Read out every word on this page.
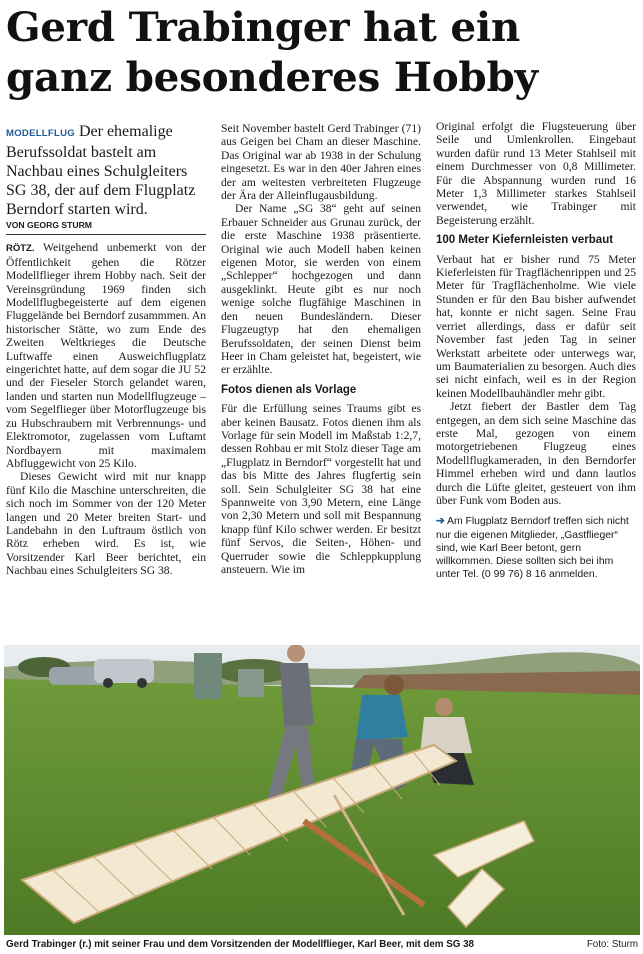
Gerd Trabinger hat ein ganz besonderes Hobby

MODELLFLUG Der ehemalige Berufssoldat bastelt am Nachbau eines Schulgleiters SG 38, der auf dem Flugplatz Berndorf starten wird.

VON GEORG STURM

RÖTZ. Weitgehend unbemerkt von der Öffentlichkeit gehen die Rötzer Modellflieger ihrem Hobby nach. Seit der Vereinsgründung 1969 finden sich Modellflugbegeisterte auf dem eigenen Fluggelände bei Berndorf zusammmen. An historischer Stätte, wo zum Ende des Zweiten Weltkrieges die Deutsche Luftwaffe einen Ausweichflugplatz eingerichtet hatte, auf dem sogar die JU 52 und der Fieseler Storch gelandet waren, landen und starten nun Modellflugzeuge – vom Segelflieger über Motorflugzeuge bis zu Hubschraubern mit Verbrennungs- und Elektromotor, zugelassen vom Luftamt Nordbayern mit maximalem Abfluggewicht von 25 Kilo.

Dieses Gewicht wird mit nur knapp fünf Kilo die Maschine unterschreiten, die sich noch im Sommer von der 120 Meter langen und 20 Meter breiten Start- und Landebahn in den Luftraum östlich von Rötz erheben wird. Es ist, wie Vorsitzender Karl Beer berichtet, ein Nachbau eines Schulgleiters SG 38.

Seit November bastelt Gerd Trabinger (71) aus Geigen bei Cham an dieser Maschine. Das Original war ab 1938 in der Schulung eingesetzt. Es war in den 40er Jahren eines der am weitesten verbreiteten Flugzeuge der Ära der Alleinflugausbildung.

Der Name „SG 38“ geht auf seinen Erbauer Schneider aus Grunau zurück, der die erste Maschine 1938 präsentierte. Original wie auch Modell haben keinen eigenen Motor, sie werden von einem „Schlepper“ hochgezogen und dann ausgeklinkt. Heute gibt es nur noch wenige solche flugfähige Maschinen in den neuen Bundesländern. Dieser Flugzeugtyp hat den ehemaligen Berufssoldaten, der seinen Dienst beim Heer in Cham geleistet hat, begeistert, wie er erzählte.

Fotos dienen als Vorlage

Für die Erfüllung seines Traums gibt es aber keinen Bausatz. Fotos dienen ihm als Vorlage für sein Modell im Maßstab 1:2,7, dessen Rohbau er mit Stolz dieser Tage am „Flugplatz in Berndorf“ vorgestellt hat und das bis Mitte des Jahres flugfertig sein soll. Sein Schulgleiter SG 38 hat eine Spannweite von 3,90 Metern, eine Länge von 2,30 Metern und soll mit Bespannung knapp fünf Kilo schwer werden. Er besitzt fünf Servos, die Seiten-, Höhen- und Querruder sowie die Schleppkupplung ansteuern. Wie im

Original erfolgt die Flugsteuerung über Seile und Umlenkrollen. Eingebaut wurden dafür rund 13 Meter Stahlseil mit einem Durchmesser von 0,8 Millimeter. Für die Abspannung wurden rund 16 Meter 1,3 Millimeter starkes Stahlseil verwendet, wie Trabinger mit Begeisterung erzählt.

100 Meter Kiefernleisten verbaut

Verbaut hat er bisher rund 75 Meter Kieferleisten für Tragflächenrippen und 25 Meter für Tragflächenholme. Wie viele Stunden er für den Bau bisher aufwendet hat, konnte er nicht sagen. Seine Frau verriet allerdings, dass er dafür seit November fast jeden Tag in seiner Werkstatt arbeitete oder unterwegs war, um Baumaterialien zu besorgen. Auch dies sei nicht einfach, weil es in der Region keinen Modellbauhändler mehr gibt.

Jetzt fiebert der Bastler dem Tag entgegen, an dem sich seine Maschine das erste Mal, gezogen von einem motorgetriebenen Flugzeug eines Modellflugkameraden, in den Berndorfer Himmel erheben wird und dann lautlos durch die Lüfte gleitet, gesteuert von ihm über Funk vom Boden aus.

➔ Am Flugplatz Berndorf treffen sich nicht nur die eigenen Mitglieder, „Gastflieger“ sind, wie Karl Beer betont, gern willkommen. Diese sollten sich bei ihm unter Tel. (0 99 76) 8 16 anmelden.
Gerd Trabinger (r.) mit seiner Frau und dem Vorsitzenden der Modellflieger, Karl Beer, mit dem SG 38	Foto: Sturm
